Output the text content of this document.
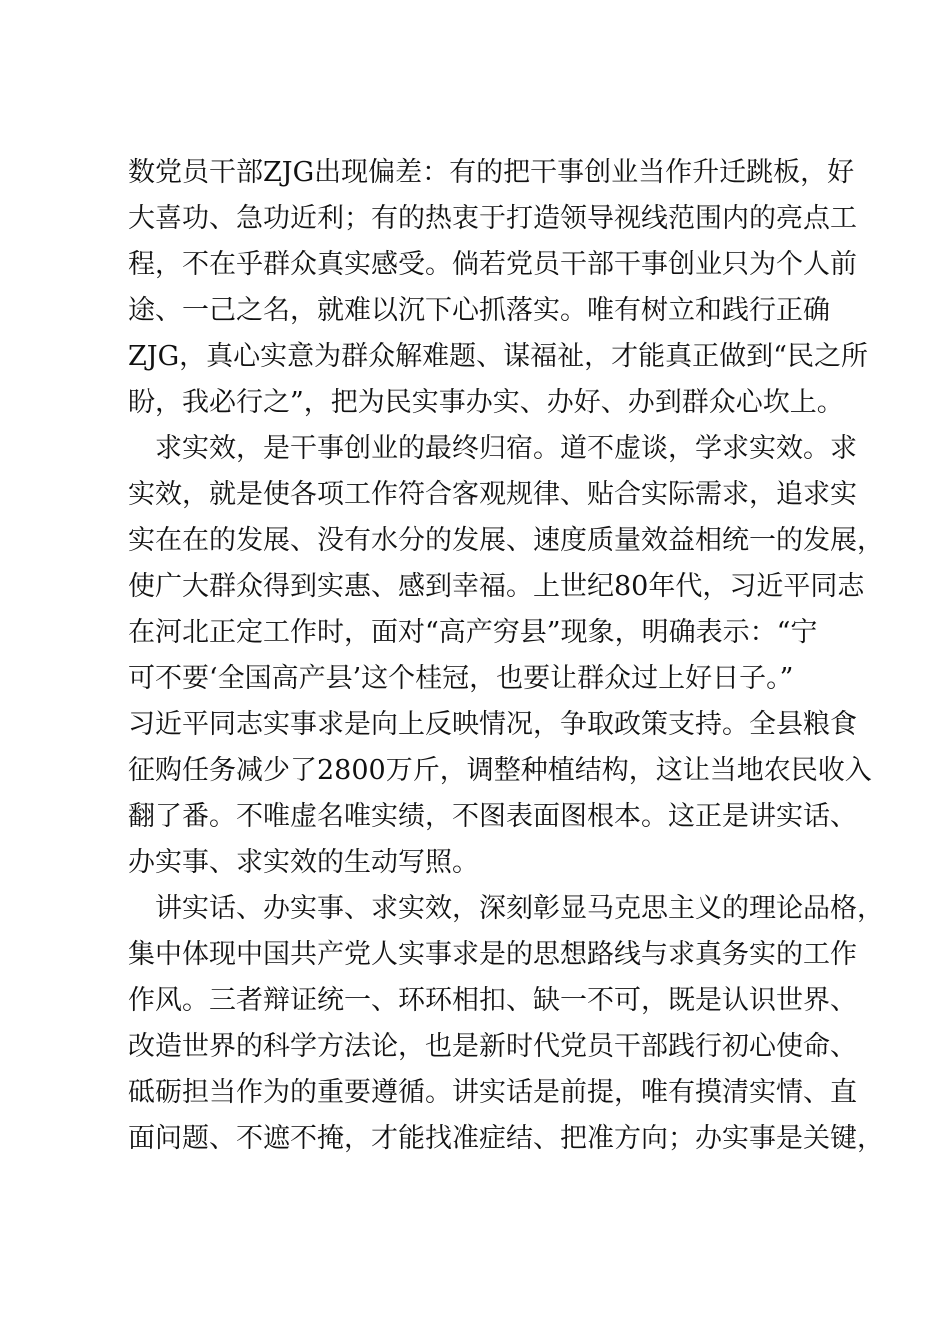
数党员干部ZJG出现偏差：有的把干事创业当作升迁跳板，好
大喜功、急功近利；有的热衷于打造领导视线范围内的亮点工
程，不在乎群众真实感受。倘若党员干部干事创业只为个人前
途、一己之名，就难以沉下心抓落实。唯有树立和践行正确
ZJG，真心实意为群众解难题、谋福祉，才能真正做到“民之所
盼，我必行之”，把为民实事办实、办好、办到群众心坎上。
　求实效，是干事创业的最终归宿。道不虚谈，学求实效。求
实效，就是使各项工作符合客观规律、贴合实际需求，追求实
实在在的发展、没有水分的发展、速度质量效益相统一的发展，
使广大群众得到实惠、感到幸福。上世纪80年代，习近平同志
在河北正定工作时，面对“高产穷县”现象，明确表示：“宁
可不要‘全国高产县’这个桂冠，也要让群众过上好日子。”
习近平同志实事求是向上反映情况，争取政策支持。全县粮食
征购任务减少了2800万斤，调整种植结构，这让当地农民收入
翻了番。不唯虚名唯实绩，不图表面图根本。这正是讲实话、
办实事、求实效的生动写照。
　讲实话、办实事、求实效，深刻彰显马克思主义的理论品格，
集中体现中国共产党人实事求是的思想路线与求真务实的工作
作风。三者辩证统一、环环相扣、缺一不可，既是认识世界、
改造世界的科学方法论，也是新时代党员干部践行初心使命、
砥砺担当作为的重要遵循。讲实话是前提，唯有摸清实情、直
面问题、不遮不掩，才能找准症结、把准方向；办实事是关键，
